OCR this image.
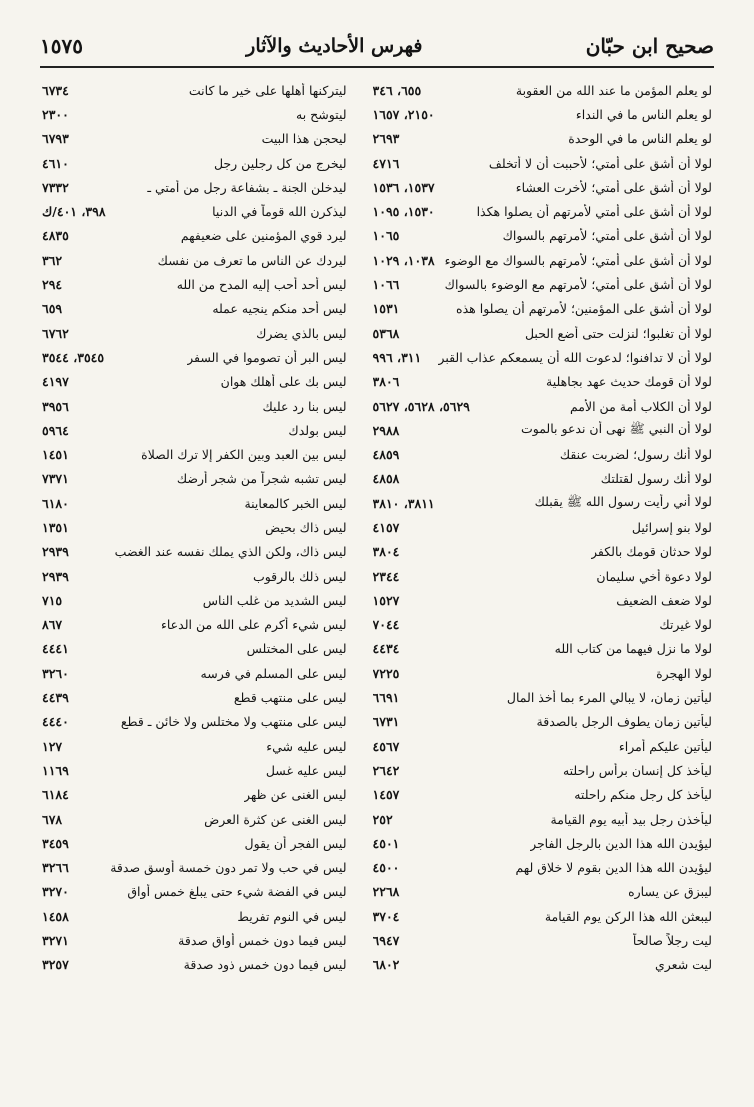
صحيح ابن حبّان
فهرس الأحاديث والآثار
١٥٧٥
لو يعلم المؤمن ما عند الله من العقوبة
٦٥٥، ٣٤٦
لو يعلم الناس ما في النداء
٢١٥٠، ١٦٥٧
لو يعلم الناس ما في الوحدة
٢٦٩٣
لولا أن أشق على أمتي؛ لأحببت أن لا أتخلف
٤٧١٦
لولا أن أشق على أمتي؛ لأخرت العشاء
١٥٣٧، ١٥٣٦
لولا أن أشق على أمتي لأمرتهم أن يصلوا هكذا
١٥٣٠، ١٠٩٥
لولا أن أشق على أمتي؛ لأمرتهم بالسواك
١٠٦٥
لولا أن أشق على أمتي؛ لأمرتهم بالسواك مع الوضوء
١٠٣٨، ١٠٢٩
لولا أن أشق على أمتي؛ لأمرتهم مع الوضوء بالسواك
١٠٦٦
لولا أن أشق على المؤمنين؛ لأمرتهم أن يصلوا هذه
١٥٣١
لولا أن تغلبوا؛ لنزلت حتى أضع الحبل
٥٣٦٨
لولا أن لا تدافنوا؛ لدعوت الله أن يسمعكم عذاب القبر
٣١١، ٩٩٦
لولا أن قومك حديث عهد بجاهلية
٣٨٠٦
لولا أن الكلاب أمة من الأمم
٥٦٢٩، ٥٦٢٨، ٥٦٢٧
لولا أن النبي ﷺ نهى أن ندعو بالموت
٢٩٨٨
لولا أنك رسول؛ لضربت عنقك
٤٨٥٩
لولا أنك رسول لقتلتك
٤٨٥٨
لولا أني رأيت رسول الله ﷺ يقبلك
٣٨١١، ٣٨١٠
لولا بنو إسرائيل
٤١٥٧
لولا حدثان قومك بالكفر
٣٨٠٤
لولا دعوة أخي سليمان
٢٣٤٤
لولا ضعف الضعيف
١٥٢٧
لولا غيرتك
٧٠٤٤
لولا ما نزل فيهما من كتاب الله
٤٤٣٤
لولا الهجرة
٧٢٢٥
ليأتين زمان، لا يبالي المرء بما أخذ المال
٦٦٩١
ليأتين زمان يطوف الرجل بالصدقة
٦٧٣١
ليأتين عليكم أمراء
٤٥٦٧
ليأخذ كل إنسان برأس راحلته
٢٦٤٢
ليأخذ كل رجل منكم راحلته
١٤٥٧
ليأخذن رجل بيد أبيه يوم القيامة
٢٥٢
ليؤيدن الله هذا الدين بالرجل الفاجر
٤٥٠١
ليؤيدن الله هذا الدين بقوم لا خلاق لهم
٤٥٠٠
ليبزق عن يساره
٢٢٦٨
ليبعثن الله هذا الركن يوم القيامة
٣٧٠٤
ليت رجلاً صالحاً
٦٩٤٧
ليت شعري
٦٨٠٢
ليتركنها أهلها على خير ما كانت
٦٧٣٤
ليتوشح به
٢٣٠٠
ليحجن هذا البيت
٦٧٩٣
ليخرج من كل رجلين رجل
٤٦١٠
ليدخلن الجنة ـ بشفاعة رجل من أمتي ـ
٧٣٣٢
ليذكرن الله قوماً في الدنيا
٣٩٨، ٤٠١/ك
ليرد قوي المؤمنين على ضعيفهم
٤٨٣٥
ليردك عن الناس ما تعرف من نفسك
٣٦٢
ليس أحد أحب إليه المدح من الله
٢٩٤
ليس أحد منكم ينجيه عمله
٦٥٩
ليس بالذي يضرك
٦٧٦٢
ليس البر أن تصوموا في السفر
٣٥٤٥، ٣٥٤٤
ليس بك على أهلك هوان
٤١٩٧
ليس بنا رد عليك
٣٩٥٦
ليس بولدك
٥٩٦٤
ليس بين العبد وبين الكفر إلا ترك الصلاة
١٤٥١
ليس تشبه شجراً من شجر أرضك
٧٣٧١
ليس الخبر كالمعاينة
٦١٨٠
ليس ذاك بحيض
١٣٥١
ليس ذاك، ولكن الذي يملك نفسه عند الغضب
٢٩٣٩
ليس ذلك بالرقوب
٢٩٣٩
ليس الشديد من غلب الناس
٧١٥
ليس شيء أكرم على الله من الدعاء
٨٦٧
ليس على المختلس
٤٤٤١
ليس على المسلم في فرسه
٣٢٦٠
ليس على منتهب قطع
٤٤٣٩
ليس على منتهب ولا مختلس ولا خائن ـ قطع
٤٤٤٠
ليس عليه شيء
١٢٧
ليس عليه غسل
١١٦٩
ليس الغنى عن ظهر
٦١٨٤
ليس الغنى عن كثرة العرض
٦٧٨
ليس الفجر أن يقول
٣٤٥٩
ليس في حب ولا تمر دون خمسة أوسق صدقة
٣٢٦٦
ليس في الفضة شيء حتى يبلغ خمس أواق
٣٢٧٠
ليس في النوم تفريط
١٤٥٨
ليس فيما دون خمس أواق صدقة
٣٢٧١
ليس فيما دون خمس ذود صدقة
٣٢٥٧
